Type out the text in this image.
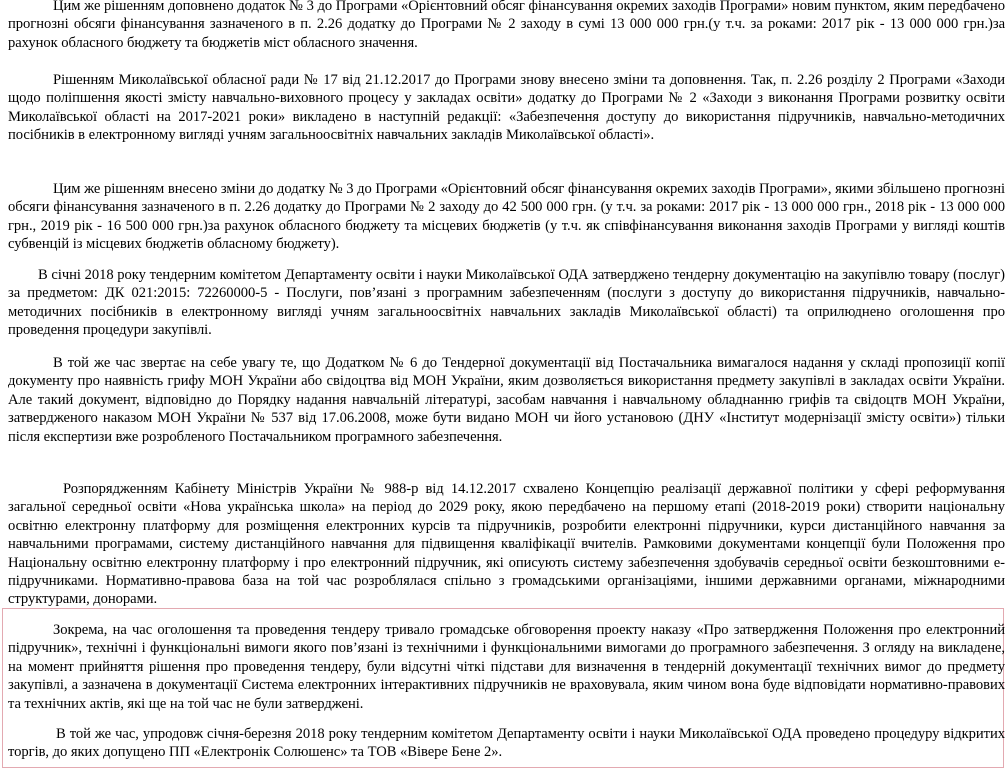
Цим же рішенням доповнено додаток № 3 до Програми «Орієнтовний обсяг фінансування окремих заходів Програми» новим пунктом, яким передбачено прогнозні обсяги фінансування зазначеного в п. 2.26 додатку до Програми № 2 заходу в сумі 13 000 000 грн.(у т.ч. за роками: 2017 рік - 13 000 000 грн.)за рахунок обласного бюджету та бюджетів міст обласного значення.

Рішенням Миколаївської обласної ради № 17 від 21.12.2017 до Програми знову внесено зміни та доповнення. Так, п. 2.26 розділу 2 Програми «Заходи щодо поліпшення якості змісту навчально-виховного процесу у закладах освіти» додатку до Програми № 2 «Заходи з виконання Програми розвитку освіти Миколаївської області на 2017-2021 роки» викладено в наступній редакції: «Забезпечення доступу до використання підручників, навчально-методичних посібників в електронному вигляді учням загальноосвітніх навчальних закладів Миколаївської області».

Цим же рішенням внесено зміни до додатку № 3 до Програми «Орієнтовний обсяг фінансування окремих заходів Програми», якими збільшено прогнозні обсяги фінансування зазначеного в п. 2.26 додатку до Програми № 2 заходу до 42 500 000 грн. (у т.ч. за роками: 2017 рік - 13 000 000 грн., 2018 рік - 13 000 000 грн., 2019 рік - 16 500 000 грн.)за рахунок обласного бюджету та місцевих бюджетів (у т.ч. як співфінансування виконання заходів Програми у вигляді коштів субвенцій із місцевих бюджетів обласному бюджету).

В січні 2018 року тендерним комітетом Департаменту освіти і науки Миколаївської ОДА затверджено тендерну документацію на закупівлю товару (послуг) за предметом: ДК 021:2015: 72260000-5 - Послуги, пов’язані з програмним забезпеченням (послуги з доступу до використання підручників, навчально-методичних посібників в електронному вигляді учням загальноосвітніх навчальних закладів Миколаївської області) та оприлюднено оголошення про проведення процедури закупівлі.

В той же час звертає на себе увагу те, що Додатком № 6 до Тендерної документації від Постачальника вимагалося надання у складі пропозиції копії документу про наявність грифу МОН України або свідоцтва від МОН України, яким дозволяється використання предмету закупівлі в закладах освіти України. Але такий документ, відповідно до Порядку надання навчальній літературі, засобам навчання і навчальному обладнанню грифів та свідоцтв МОН України, затвердженого наказом МОН України № 537 від 17.06.2008, може бути видано МОН чи його установою (ДНУ «Інститут модернізації змісту освіти») тільки після експертизи вже розробленого Постачальником програмного забезпечення.

Розпорядженням Кабінету Міністрів України № 988-р від 14.12.2017 схвалено Концепцію реалізації державної політики у сфері реформування загальної середньої освіти «Нова українська школа» на період до 2029 року, якою передбачено на першому етапі (2018-2019 роки) створити національну освітню електронну платформу для розміщення електронних курсів та підручників, розробити електронні підручники, курси дистанційного навчання за навчальними програмами, систему дистанційного навчання для підвищення кваліфікації вчителів. Рамковими документами концепції були Положення про Національну освітню електронну платформу і про електронний підручник, які описують систему забезпечення здобувачів середньої освіти безкоштовними е-підручниками. Нормативно-правова база на той час розроблялася спільно з громадськими організаціями, іншими державними органами, міжнародними структурами, донорами.

Зокрема, на час оголошення та проведення тендеру тривало громадське обговорення проекту наказу «Про затвердження Положення про електронний підручник», технічні і функціональні вимоги якого пов’язані із технічними і функціональними вимогами до програмного забезпечення. З огляду на викладене, на момент прийняття рішення про проведення тендеру, були відсутні чіткі підстави для визначення в тендерній документації технічних вимог до предмету закупівлі, а зазначена в документації Система електронних інтерактивних підручників не враховувала, яким чином вона буде відповідати нормативно-правових та технічних актів, які ще на той час не були затверджені.

В той же час, упродовж січня-березня 2018 року тендерним комітетом Департаменту освіти і науки Миколаївської ОДА проведено процедуру відкритих торгів, до яких допущено ПП «Електронік Солюшенс» та ТОВ «Вівере Бене 2».
